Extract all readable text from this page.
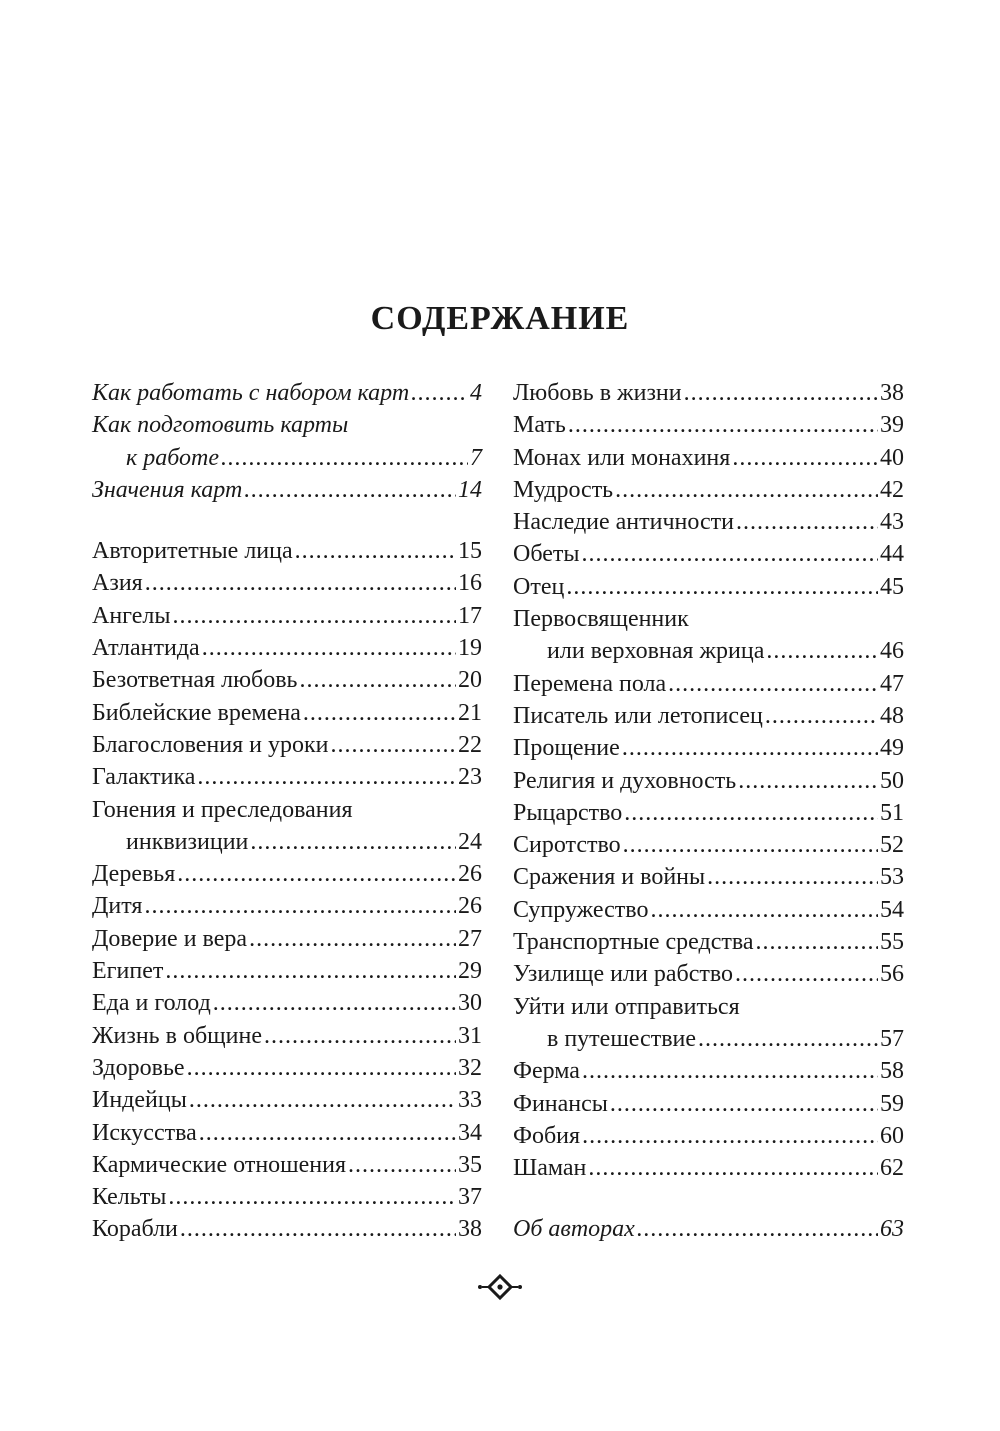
СОДЕРЖАНИЕ
Как работать с набором карт .....	4
Как подготовить карты
к работе .....	7
Значения карт .....	14
Авторитетные лица .....	15
Азия .....	16
Ангелы .....	17
Атлантида .....	19
Безответная любовь .....	20
Библейские времена .....	21
Благословения и уроки .....	22
Галактика .....	23
Гонения и преследования
инквизиции .....	24
Деревья .....	26
Дитя .....	26
Доверие и вера .....	27
Египет .....	29
Еда и голод .....	30
Жизнь в общине .....	31
Здоровье .....	32
Индейцы .....	33
Искусства .....	34
Кармические отношения .....	35
Кельты .....	37
Корабли .....	38
Любовь в жизни .....	38
Мать .....	39
Монах или монахиня .....	40
Мудрость .....	42
Наследие античности .....	43
Обеты .....	44
Отец .....	45
Первосвященник
или верховная жрица .....	46
Перемена пола .....	47
Писатель или летописец .....	48
Прощение .....	49
Религия и духовность .....	50
Рыцарство .....	51
Сиротство .....	52
Сражения и войны .....	53
Супружество .....	54
Транспортные средства .....	55
Узилище или рабство .....	56
Уйти или отправиться
в путешествие .....	57
Ферма .....	58
Финансы .....	59
Фобия .....	60
Шаман .....	62
Об авторах .....	63
